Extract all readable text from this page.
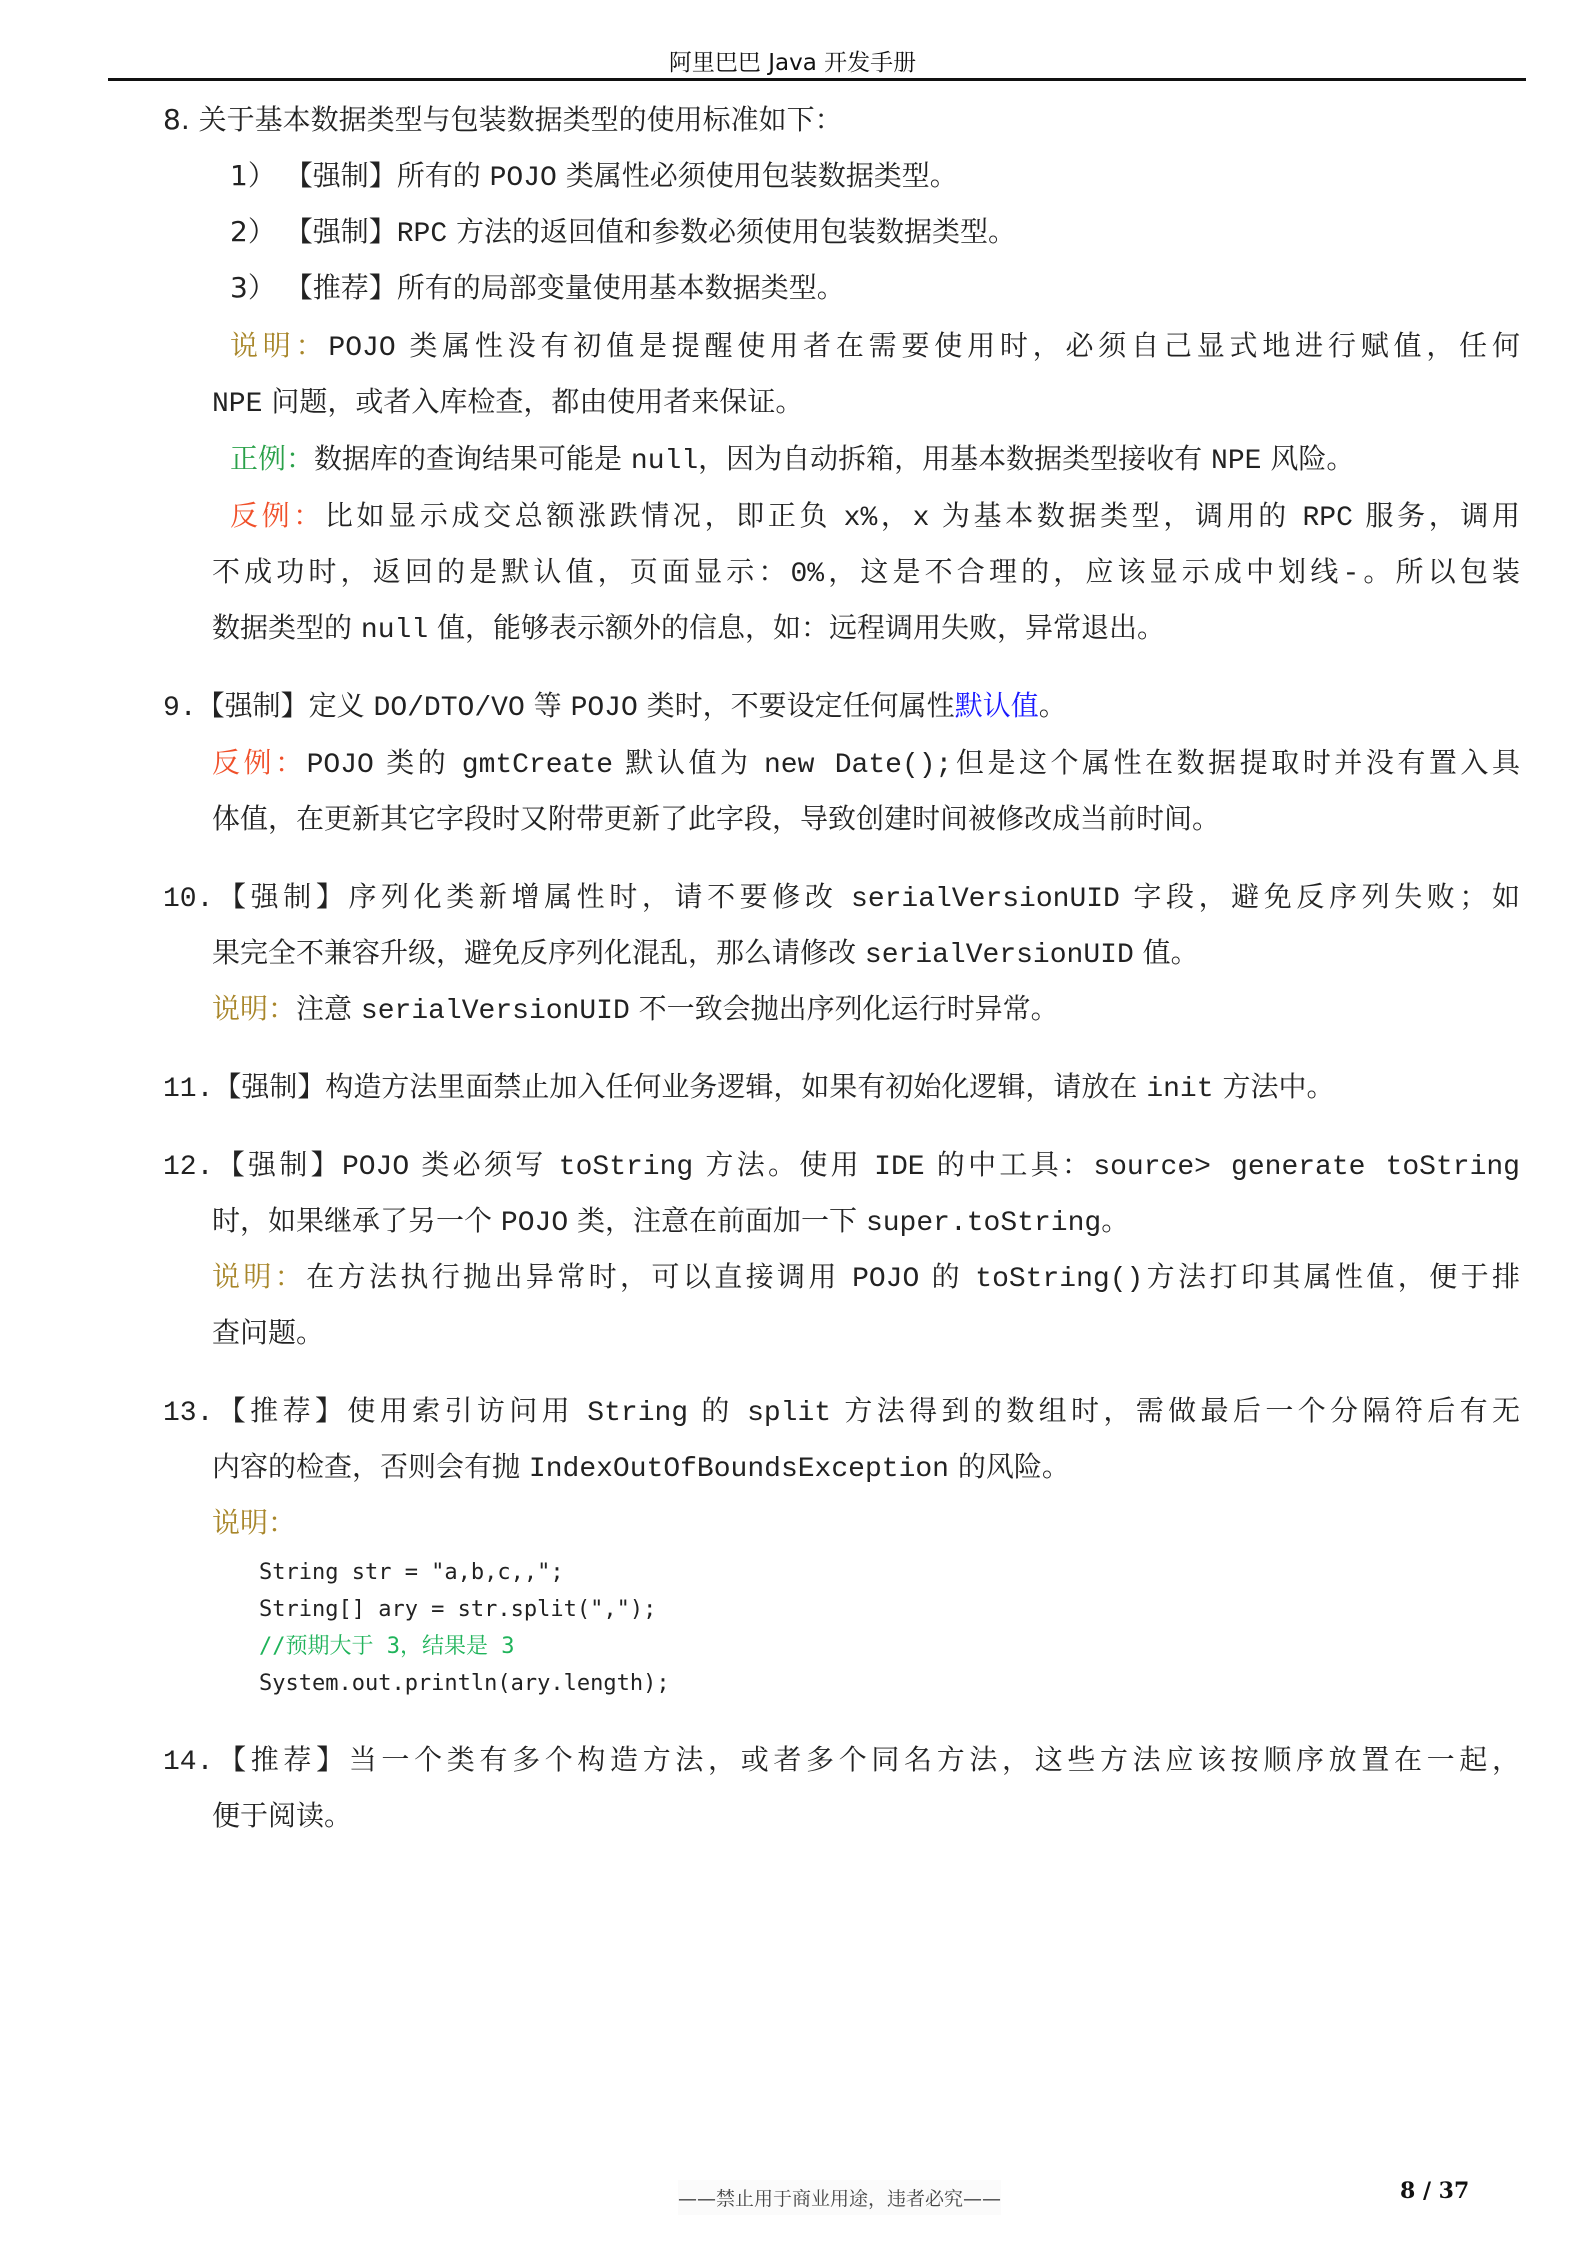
阿里巴巴 Java 开发手册
8. 关于基本数据类型与包装数据类型的使用标准如下：
1） 【强制】所有的 POJO 类属性必须使用包装数据类型。
2） 【强制】RPC 方法的返回值和参数必须使用包装数据类型。
3） 【推荐】所有的局部变量使用基本数据类型。
说明：POJO 类属性没有初值是提醒使用者在需要使用时，必须自己显式地进行赋值，任何
NPE 问题，或者入库检查，都由使用者来保证。
正例：数据库的查询结果可能是 null，因为自动拆箱，用基本数据类型接收有 NPE 风险。
反例：比如显示成交总额涨跌情况，即正负 x%，x 为基本数据类型，调用的 RPC 服务，调用
不成功时，返回的是默认值，页面显示：0%，这是不合理的，应该显示成中划线-。所以包装
数据类型的 null 值，能够表示额外的信息，如：远程调用失败，异常退出。
9.【强制】定义 DO/DTO/VO 等 POJO 类时，不要设定任何属性默认值。
反例：POJO 类的 gmtCreate 默认值为 new Date();但是这个属性在数据提取时并没有置入具
体值，在更新其它字段时又附带更新了此字段，导致创建时间被修改成当前时间。
10.【强制】序列化类新增属性时，请不要修改 serialVersionUID 字段，避免反序列失败；如
果完全不兼容升级，避免反序列化混乱，那么请修改 serialVersionUID 值。
说明：注意 serialVersionUID 不一致会抛出序列化运行时异常。
11.【强制】构造方法里面禁止加入任何业务逻辑，如果有初始化逻辑，请放在 init 方法中。
12.【强制】POJO 类必须写 toString 方法。使用 IDE 的中工具：source> generate toString
时，如果继承了另一个 POJO 类，注意在前面加一下 super.toString。
说明：在方法执行抛出异常时，可以直接调用 POJO 的 toString()方法打印其属性值，便于排
查问题。
13.【推荐】使用索引访问用 String 的 split 方法得到的数组时，需做最后一个分隔符后有无
内容的检查，否则会有抛 IndexOutOfBoundsException 的风险。
说明：
14.【推荐】当一个类有多个构造方法，或者多个同名方法，这些方法应该按顺序放置在一起，
便于阅读。
String str = "a,b,c,,";
String[] ary = str.split(",");
//预期大于 3，结果是 3
System.out.println(ary.length);
——禁止用于商业用途，违者必究——	8 / 37
